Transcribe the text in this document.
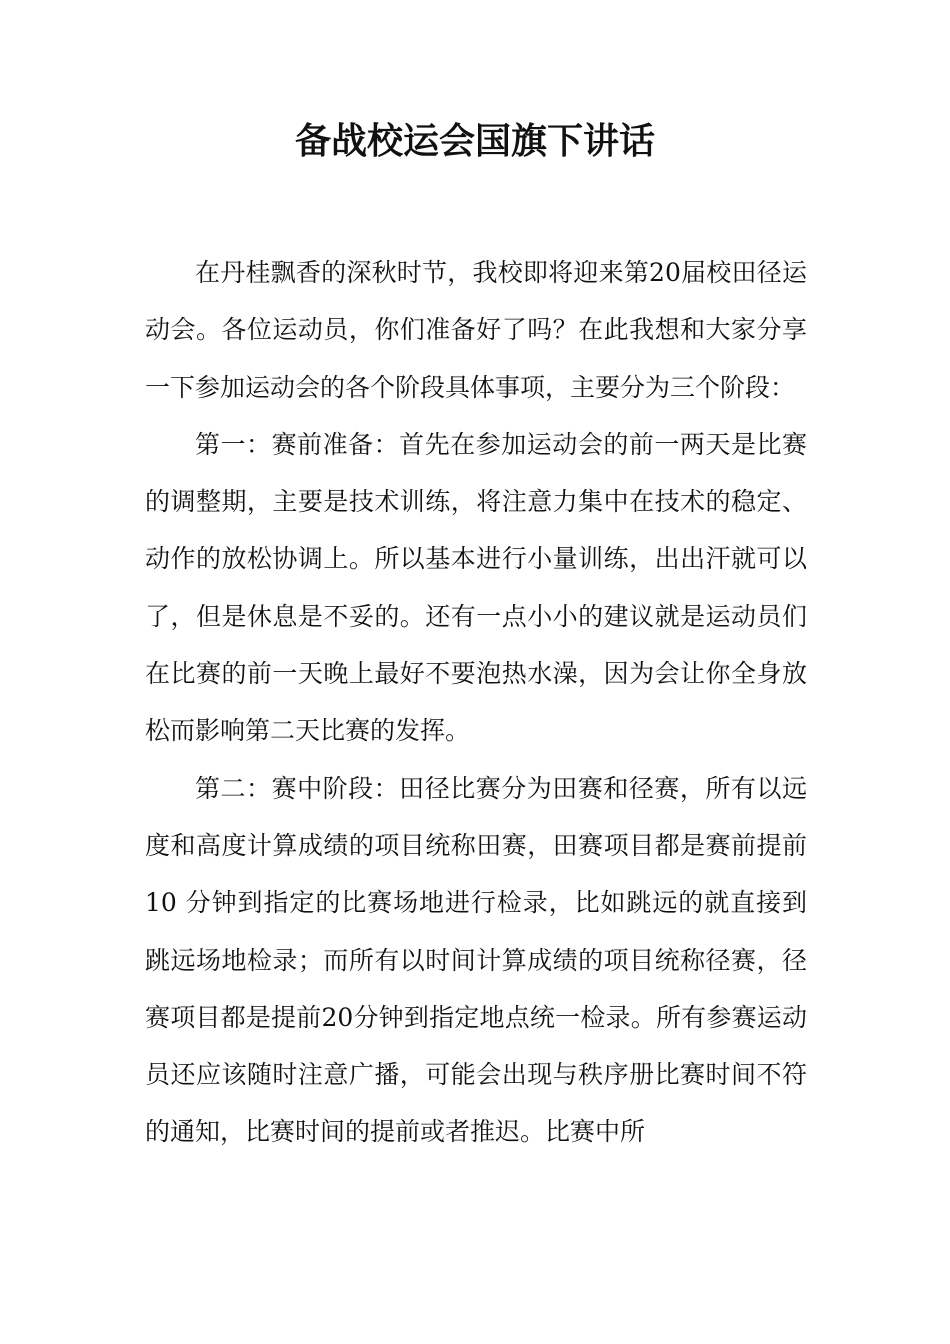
备战校运会国旗下讲话

在丹桂飘香的深秋时节，我校即将迎来第20届校田径运动会。各位运动员，你们准备好了吗？在此我想和大家分享一下参加运动会的各个阶段具体事项，主要分为三个阶段：

第一：赛前准备：首先在参加运动会的前一两天是比赛的调整期，主要是技术训练，将注意力集中在技术的稳定、动作的放松协调上。所以基本进行小量训练，出出汗就可以了，但是休息是不妥的。还有一点小小的建议就是运动员们在比赛的前一天晚上最好不要泡热水澡，因为会让你全身放松而影响第二天比赛的发挥。

第二：赛中阶段：田径比赛分为田赛和径赛，所有以远度和高度计算成绩的项目统称田赛，田赛项目都是赛前提前10 分钟到指定的比赛场地进行检录，比如跳远的就直接到跳远场地检录；而所有以时间计算成绩的项目统称径赛，径赛项目都是提前20分钟到指定地点统一检录。所有参赛运动员还应该随时注意广播，可能会出现与秩序册比赛时间不符的通知，比赛时间的提前或者推迟。比赛中所
